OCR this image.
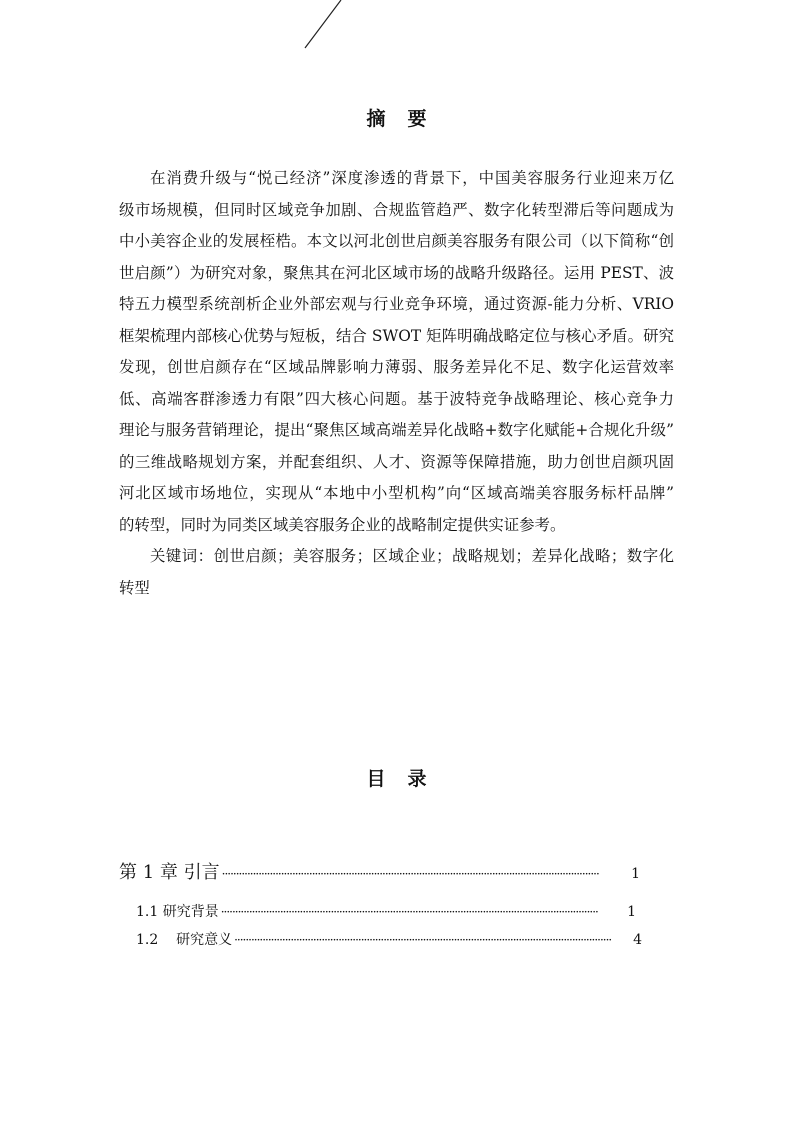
摘 要
在消费升级与“悦己经济”深度渗透的背景下，中国美容服务行业迎来万亿
级市场规模，但同时区域竞争加剧、合规监管趋严、数字化转型滞后等问题成为
中小美容企业的发展桎梏。本文以河北创世启颜美容服务有限公司（以下简称“创
世启颜”）为研究对象，聚焦其在河北区域市场的战略升级路径。运用 PEST、波
特五力模型系统剖析企业外部宏观与行业竞争环境，通过资源-能力分析、VRIO
框架梳理内部核心优势与短板，结合 SWOT 矩阵明确战略定位与核心矛盾。研究
发现，创世启颜存在“区域品牌影响力薄弱、服务差异化不足、数字化运营效率
低、高端客群渗透力有限”四大核心问题。基于波特竞争战略理论、核心竞争力
理论与服务营销理论，提出“聚焦区域高端差异化战略+数字化赋能+合规化升级”
的三维战略规划方案，并配套组织、人才、资源等保障措施，助力创世启颜巩固
河北区域市场地位，实现从“本地中小型机构”向“区域高端美容服务标杆品牌”
的转型，同时为同类区域美容服务企业的战略制定提供实证参考。
关键词：创世启颜；美容服务；区域企业；战略规划；差异化战略；数字化
转型
目 录
第 1 章 引言 ·····	1
1.1 研究背景 ·····	1
1.2    研究意义 ·····	4
